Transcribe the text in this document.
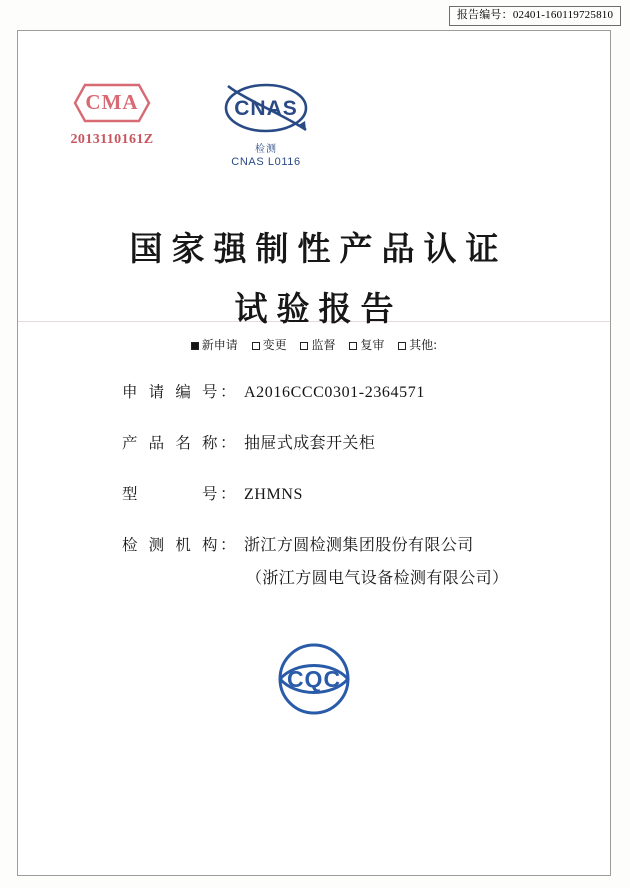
报告编号：02401-160119725810
CMA
2013110161Z
CNAS
检测
CNAS L0116
国家强制性产品认证
试验报告
新申请 变更 监督 复审 其他:
申请编号 ： A2016CCC0301-2364571
产品名称 ： 抽屉式成套开关柜
型　　号 ： ZHMNS
检测机构 ： 浙江方圆检测集团股份有限公司
（浙江方圆电气设备检测有限公司）
CQC
